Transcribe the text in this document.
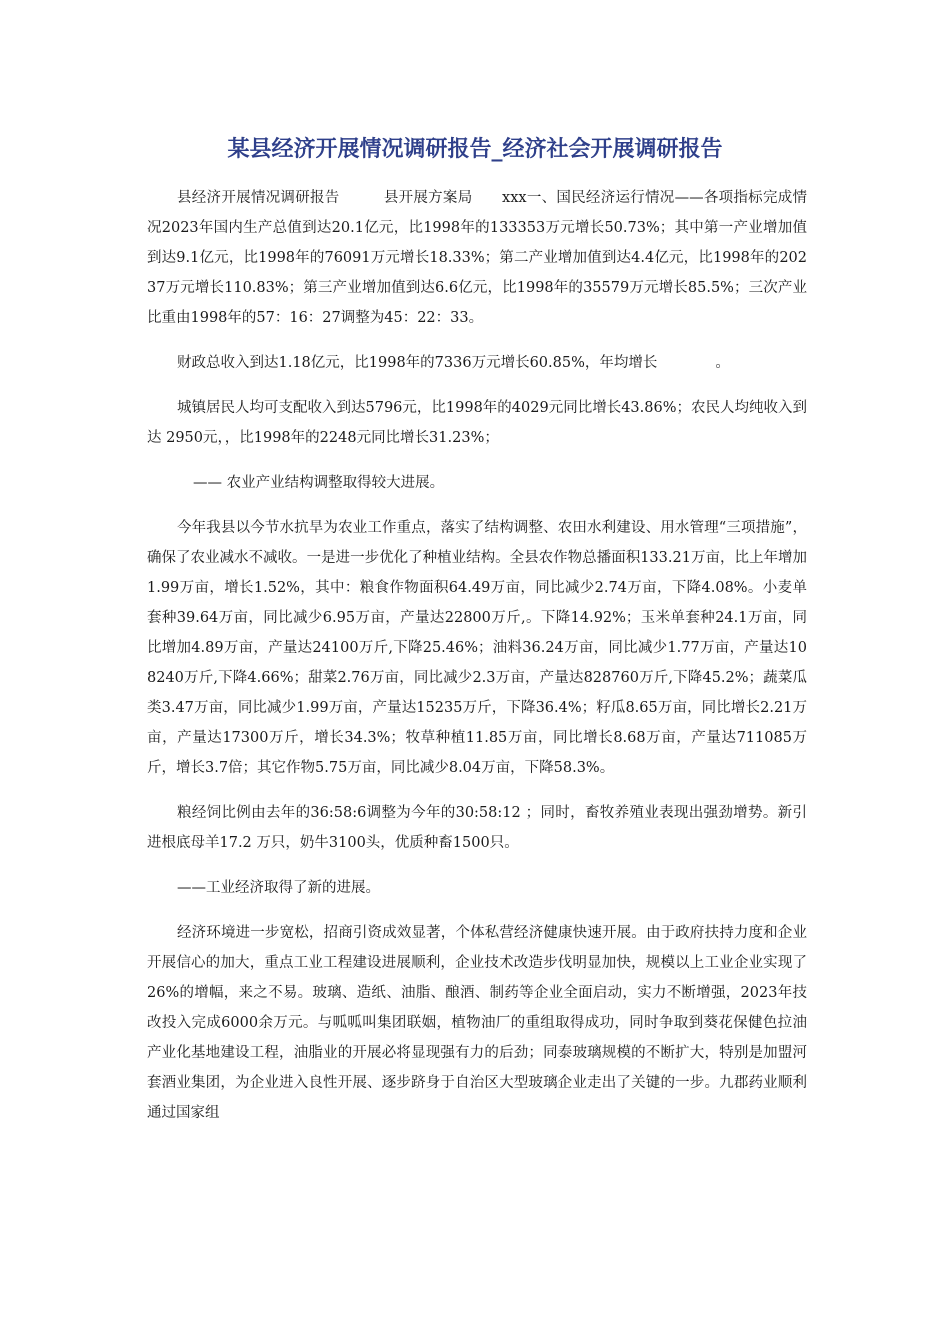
某县经济开展情况调研报告_经济社会开展调研报告

县经济开展情况调研报告　　　县开展方案局　　xxx一、国民经济运行情况——各项指标完成情况2023年国内生产总值到达20.1亿元，比1998年的133353万元增长50.73%；其中第一产业增加值到达9.1亿元，比1998年的76091万元增长18.33%；第二产业增加值到达4.4亿元，比1998年的20237万元增长110.83%；第三产业增加值到达6.6亿元，比1998年的35579万元增长85.5%；三次产业比重由1998年的57：16：27调整为45：22：33。

财政总收入到达1.18亿元，比1998年的7336万元增长60.85%，年均增长　　　　。

城镇居民人均可支配收入到达5796元，比1998年的4029元同比增长43.86%；农民人均纯收入到达 2950元，，比1998年的2248元同比增长31.23%；

—— 农业产业结构调整取得较大进展。

今年我县以今节水抗旱为农业工作重点，落实了结构调整、农田水利建设、用水管理“三项措施”，确保了农业减水不减收。一是进一步优化了种植业结构。全县农作物总播面积133.21万亩，比上年增加1.99万亩，增长1.52%，其中：粮食作物面积64.49万亩，同比减少2.74万亩，下降4.08%。小麦单套种39.64万亩，同比减少6.95万亩，产量达22800万斤,。下降14.92%；玉米单套种24.1万亩，同比增加4.89万亩，产量达24100万斤,下降25.46%；油料36.24万亩，同比减少1.77万亩，产量达108240万斤,下降4.66%；甜菜2.76万亩，同比减少2.3万亩，产量达828760万斤,下降45.2%；蔬菜瓜类3.47万亩，同比减少1.99万亩，产量达15235万斤，下降36.4%；籽瓜8.65万亩，同比增长2.21万亩，产量达17300万斤，增长34.3%；牧草种植11.85万亩，同比增长8.68万亩，产量达711085万斤，增长3.7倍；其它作物5.75万亩，同比减少8.04万亩，下降58.3%。

粮经饲比例由去年的36:58:6调整为今年的30:58:12 ；同时，畜牧养殖业表现出强劲增势。新引进根底母羊17.2 万只，奶牛3100头，优质种畜1500只。

——工业经济取得了新的进展。

经济环境进一步宽松，招商引资成效显著，个体私营经济健康快速开展。由于政府扶持力度和企业开展信心的加大，重点工业工程建设进展顺利，企业技术改造步伐明显加快，规模以上工业企业实现了26%的增幅，来之不易。玻璃、造纸、油脂、酿酒、制药等企业全面启动，实力不断增强，2023年技改投入完成6000余万元。与呱呱叫集团联姻，植物油厂的重组取得成功，同时争取到葵花保健色拉油产业化基地建设工程，油脂业的开展必将显现强有力的后劲；同泰玻璃规模的不断扩大，特别是加盟河套酒业集团，为企业进入良性开展、逐步跻身于自治区大型玻璃企业走出了关键的一步。九郡药业顺利通过国家组
